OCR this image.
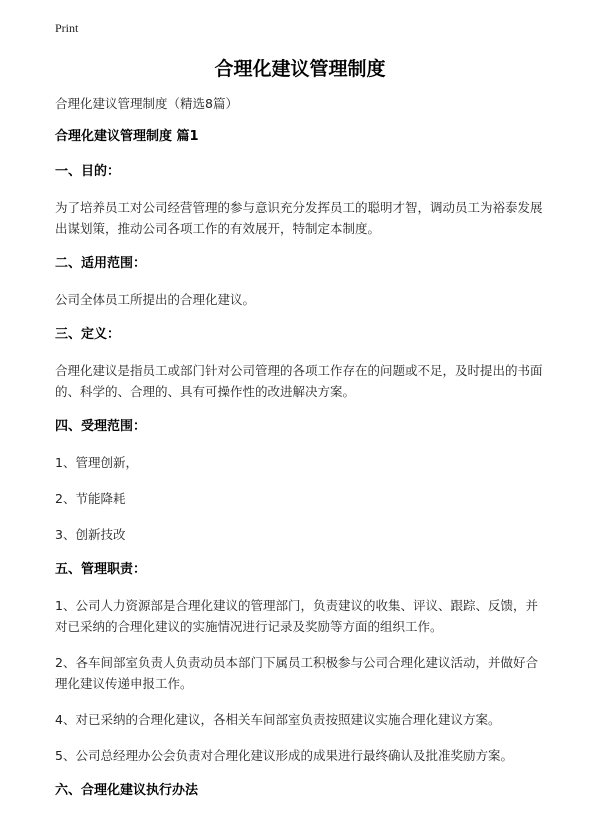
Print
合理化建议管理制度

合理化建议管理制度（精选8篇）

合理化建议管理制度 篇1
一、目的：

为了培养员工对公司经营管理的参与意识充分发挥员工的聪明才智，调动员工为裕泰发展出谋划策，推动公司各项工作的有效展开，特制定本制度。

二、适用范围：

公司全体员工所提出的合理化建议。

三、定义：

合理化建议是指员工或部门针对公司管理的各项工作存在的问题或不足，及时提出的书面的、科学的、合理的、具有可操作性的改进解决方案。

四、受理范围：

1、管理创新，

2、节能降耗

3、创新技改

五、管理职责：

1、公司人力资源部是合理化建议的管理部门，负责建议的收集、评议、跟踪、反馈，并对已采纳的合理化建议的实施情况进行记录及奖励等方面的组织工作。

2、各车间部室负责人负责动员本部门下属员工积极参与公司合理化建议活动，并做好合理化建议传递申报工作。

4、对已采纳的合理化建议，各相关车间部室负责按照建议实施合理化建议方案。

5、公司总经理办公会负责对合理化建议形成的成果进行最终确认及批准奖励方案。

六、合理化建议执行办法
